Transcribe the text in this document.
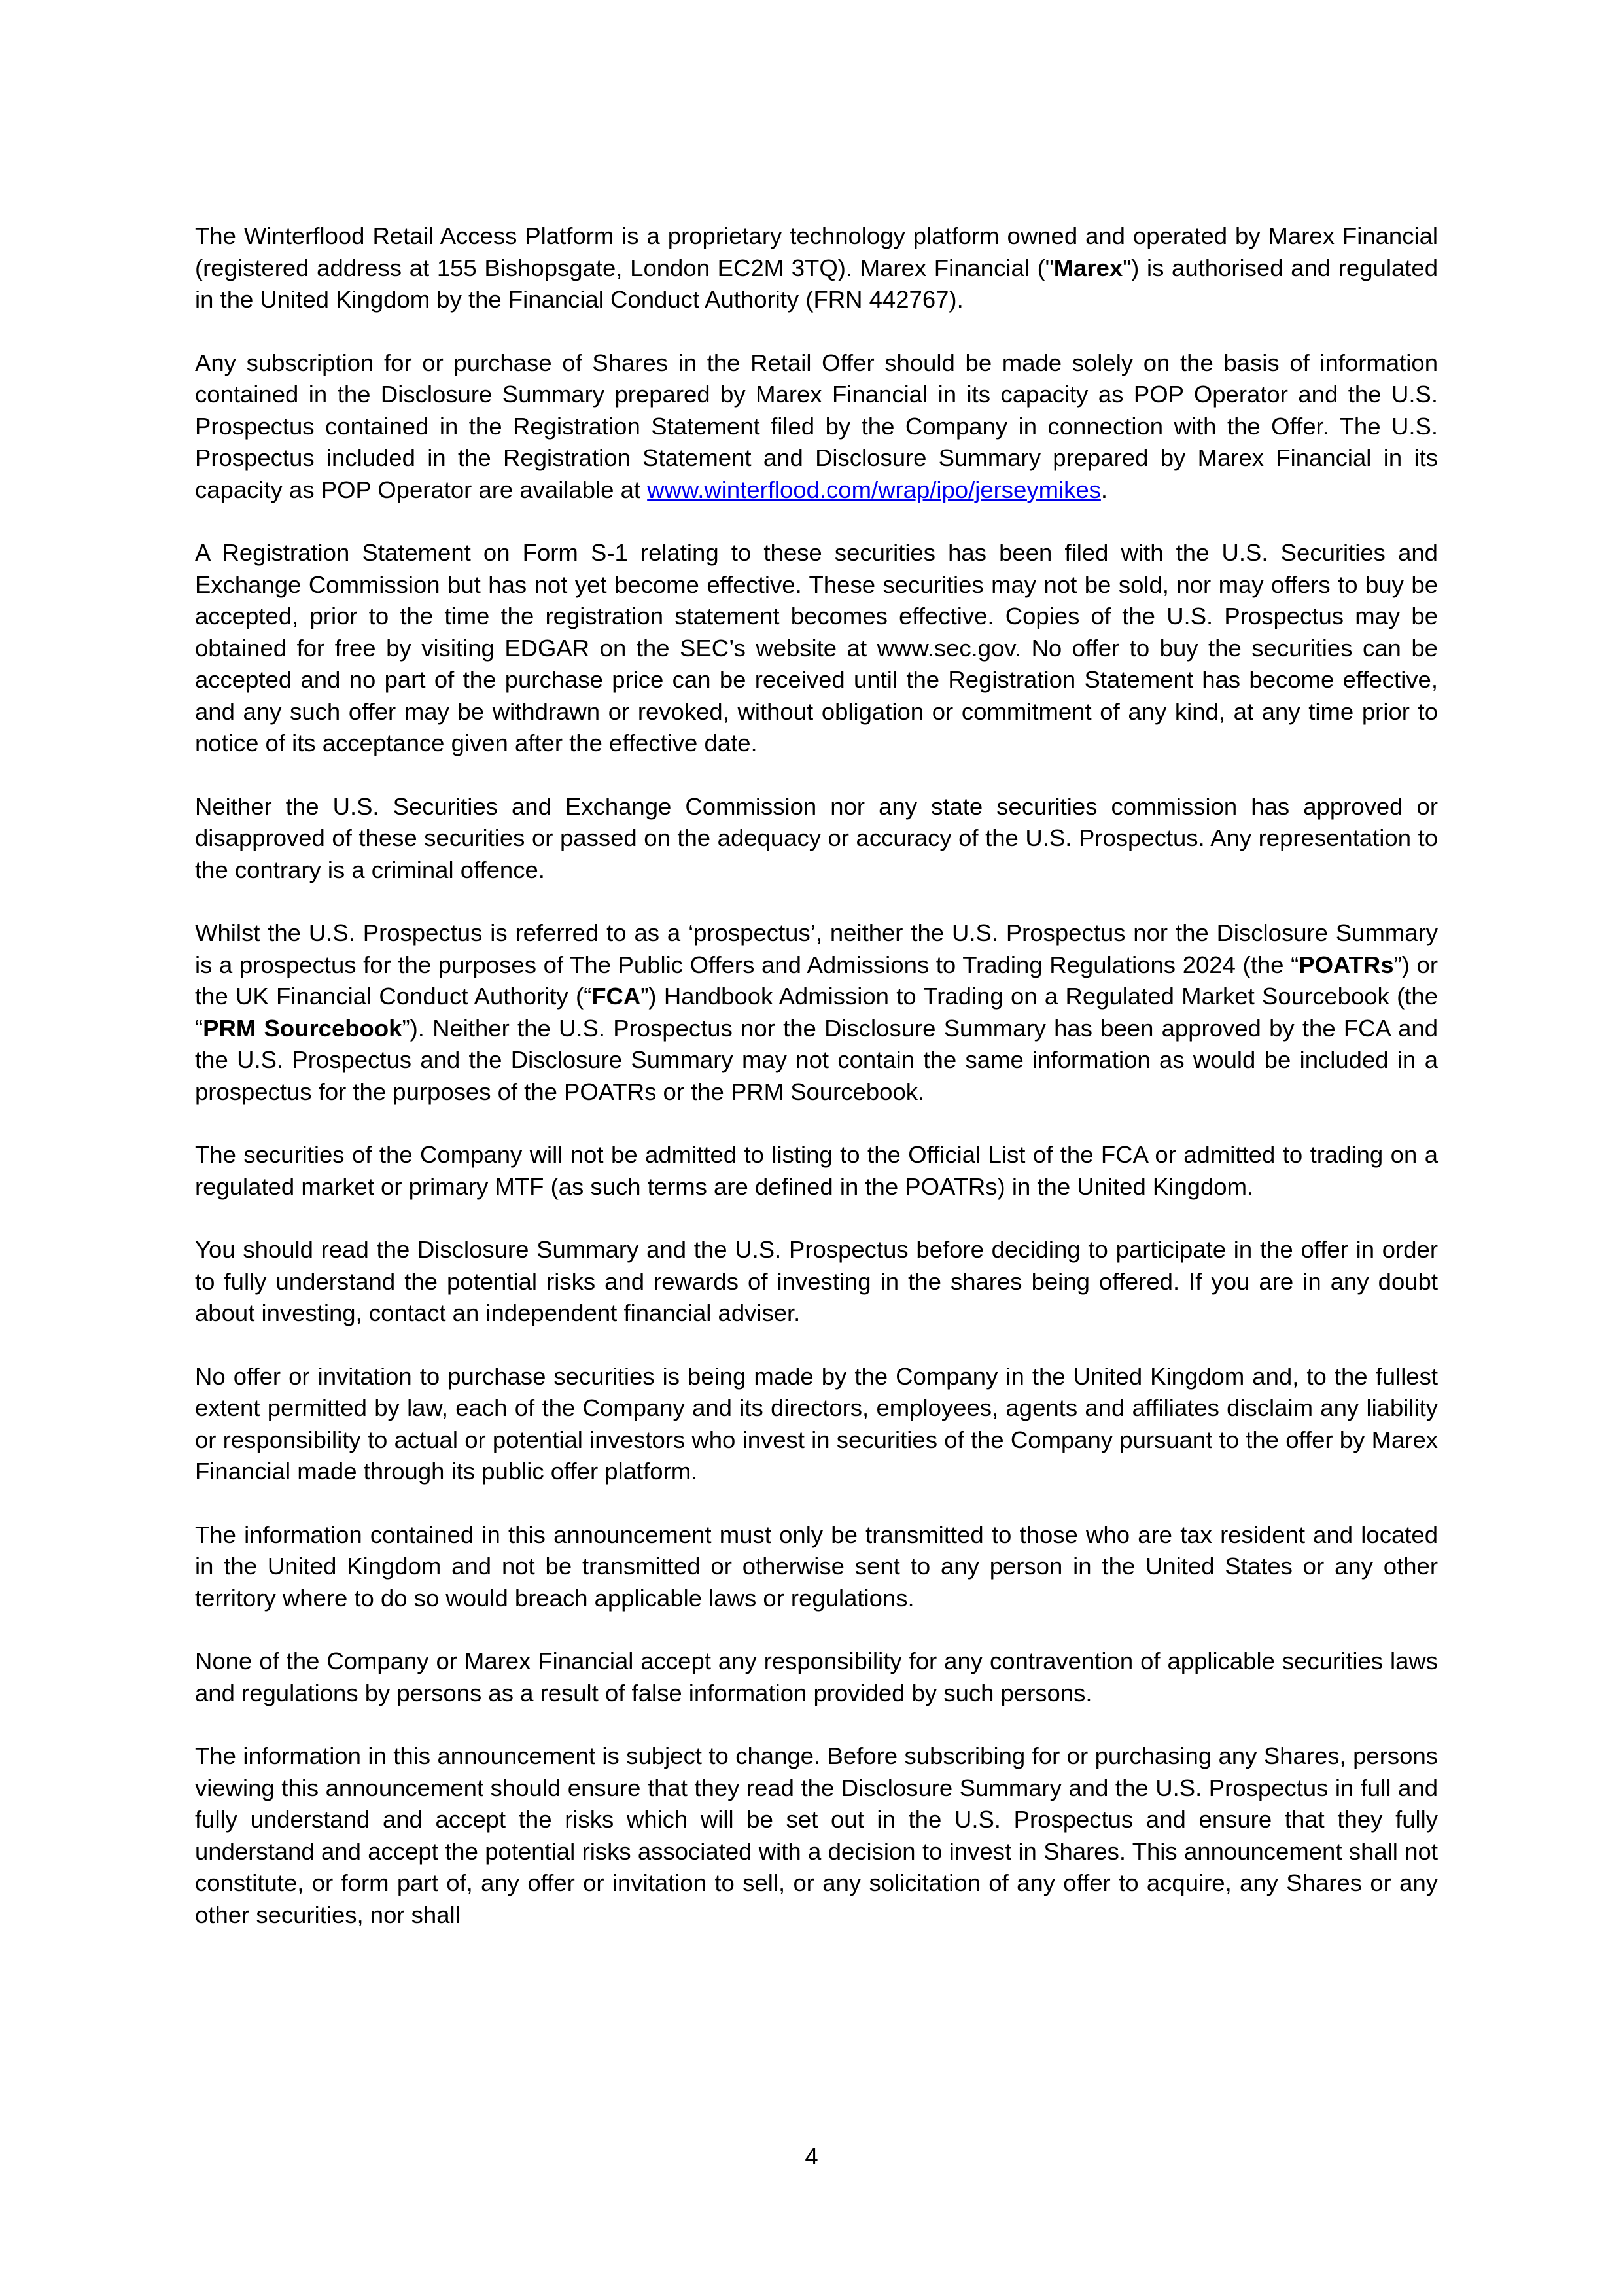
The Winterflood Retail Access Platform is a proprietary technology platform owned and operated by Marex Financial (registered address at 155 Bishopsgate, London EC2M 3TQ). Marex Financial ("Marex") is authorised and regulated in the United Kingdom by the Financial Conduct Authority (FRN 442767).

Any subscription for or purchase of Shares in the Retail Offer should be made solely on the basis of information contained in the Disclosure Summary prepared by Marex Financial in its capacity as POP Operator and the U.S. Prospectus contained in the Registration Statement filed by the Company in connection with the Offer. The U.S. Prospectus included in the Registration Statement and Disclosure Summary prepared by Marex Financial in its capacity as POP Operator are available at www.winterflood.com/wrap/ipo/jerseymikes.

A Registration Statement on Form S-1 relating to these securities has been filed with the U.S. Securities and Exchange Commission but has not yet become effective. These securities may not be sold, nor may offers to buy be accepted, prior to the time the registration statement becomes effective. Copies of the U.S. Prospectus may be obtained for free by visiting EDGAR on the SEC’s website at www.sec.gov. No offer to buy the securities can be accepted and no part of the purchase price can be received until the Registration Statement has become effective, and any such offer may be withdrawn or revoked, without obligation or commitment of any kind, at any time prior to notice of its acceptance given after the effective date.

Neither the U.S. Securities and Exchange Commission nor any state securities commission has approved or disapproved of these securities or passed on the adequacy or accuracy of the U.S. Prospectus. Any representation to the contrary is a criminal offence.

Whilst the U.S. Prospectus is referred to as a ‘prospectus’, neither the U.S. Prospectus nor the Disclosure Summary is a prospectus for the purposes of The Public Offers and Admissions to Trading Regulations 2024 (the “POATRs”) or the UK Financial Conduct Authority (“FCA”) Handbook Admission to Trading on a Regulated Market Sourcebook (the “PRM Sourcebook”). Neither the U.S. Prospectus nor the Disclosure Summary has been approved by the FCA and the U.S. Prospectus and the Disclosure Summary may not contain the same information as would be included in a prospectus for the purposes of the POATRs or the PRM Sourcebook.

The securities of the Company will not be admitted to listing to the Official List of the FCA or admitted to trading on a regulated market or primary MTF (as such terms are defined in the POATRs) in the United Kingdom.

You should read the Disclosure Summary and the U.S. Prospectus before deciding to participate in the offer in order to fully understand the potential risks and rewards of investing in the shares being offered. If you are in any doubt about investing, contact an independent financial adviser.

No offer or invitation to purchase securities is being made by the Company in the United Kingdom and, to the fullest extent permitted by law, each of the Company and its directors, employees, agents and affiliates disclaim any liability or responsibility to actual or potential investors who invest in securities of the Company pursuant to the offer by Marex Financial made through its public offer platform.

The information contained in this announcement must only be transmitted to those who are tax resident and located in the United Kingdom and not be transmitted or otherwise sent to any person in the United States or any other territory where to do so would breach applicable laws or regulations.

None of the Company or Marex Financial accept any responsibility for any contravention of applicable securities laws and regulations by persons as a result of false information provided by such persons.

The information in this announcement is subject to change. Before subscribing for or purchasing any Shares, persons viewing this announcement should ensure that they read the Disclosure Summary and the U.S. Prospectus in full and fully understand and accept the risks which will be set out in the U.S. Prospectus and ensure that they fully understand and accept the potential risks associated with a decision to invest in Shares. This announcement shall not constitute, or form part of, any offer or invitation to sell, or any solicitation of any offer to acquire, any Shares or any other securities, nor shall

4
